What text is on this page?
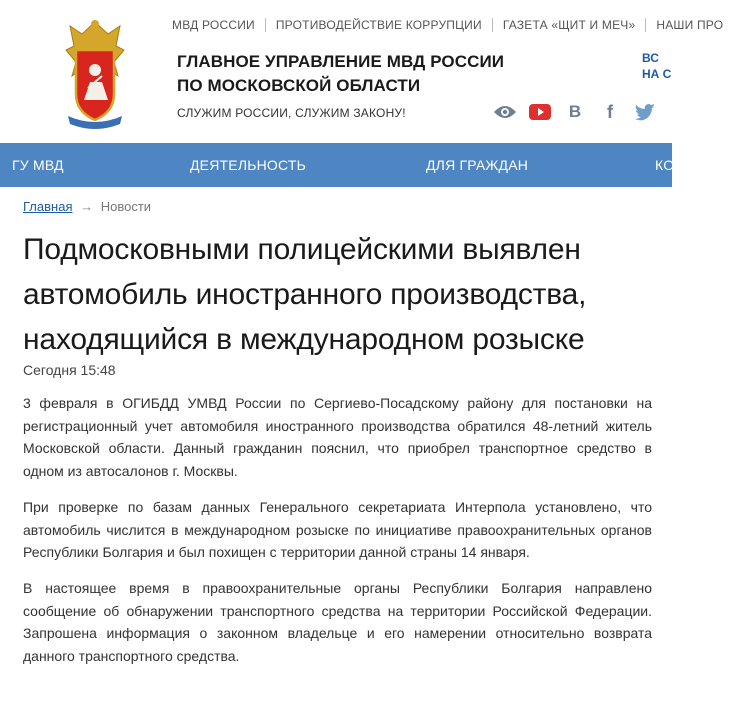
МВД РОССИИ	ПРОТИВОДЕЙСТВИЕ КОРРУПЦИИ	ГАЗЕТА «ЩИТ И МЕЧ»	НАШИ ПРО
ГЛАВНОЕ УПРАВЛЕНИЕ МВД РОССИИ
ПО МОСКОВСКОЙ ОБЛАСТИ
СЛУЖИМ РОССИИ, СЛУЖИМ ЗАКОНУ!
ВС
НА С
В	f
ГУ МВД	ДЕЯТЕЛЬНОСТЬ	ДЛЯ ГРАЖДАН	КО
Главная → Новости
Подмосковными полицейскими выявлен
автомобиль иностранного производства,
находящийся в международном розыске
Сегодня 15:48

3 февраля в ОГИБДД УМВД России по Сергиево-Посадскому району для постановки на регистрационный учет автомобиля иностранного производства обратился 48-летний житель Московской области. Данный гражданин пояснил, что приобрел транспортное средство в одном из автосалонов г. Москвы.

При проверке по базам данных Генерального секретариата Интерпола установлено, что автомобиль числится в международном розыске по инициативе правоохранительных органов Республики Болгария и был похищен с территории данной страны 14 января.

В настоящее время в правоохранительные органы Республики Болгария направлено сообщение об обнаружении транспортного средства на территории Российской Федерации. Запрошена информация о законном владельце и его намерении относительно возврата данного транспортного средства.
